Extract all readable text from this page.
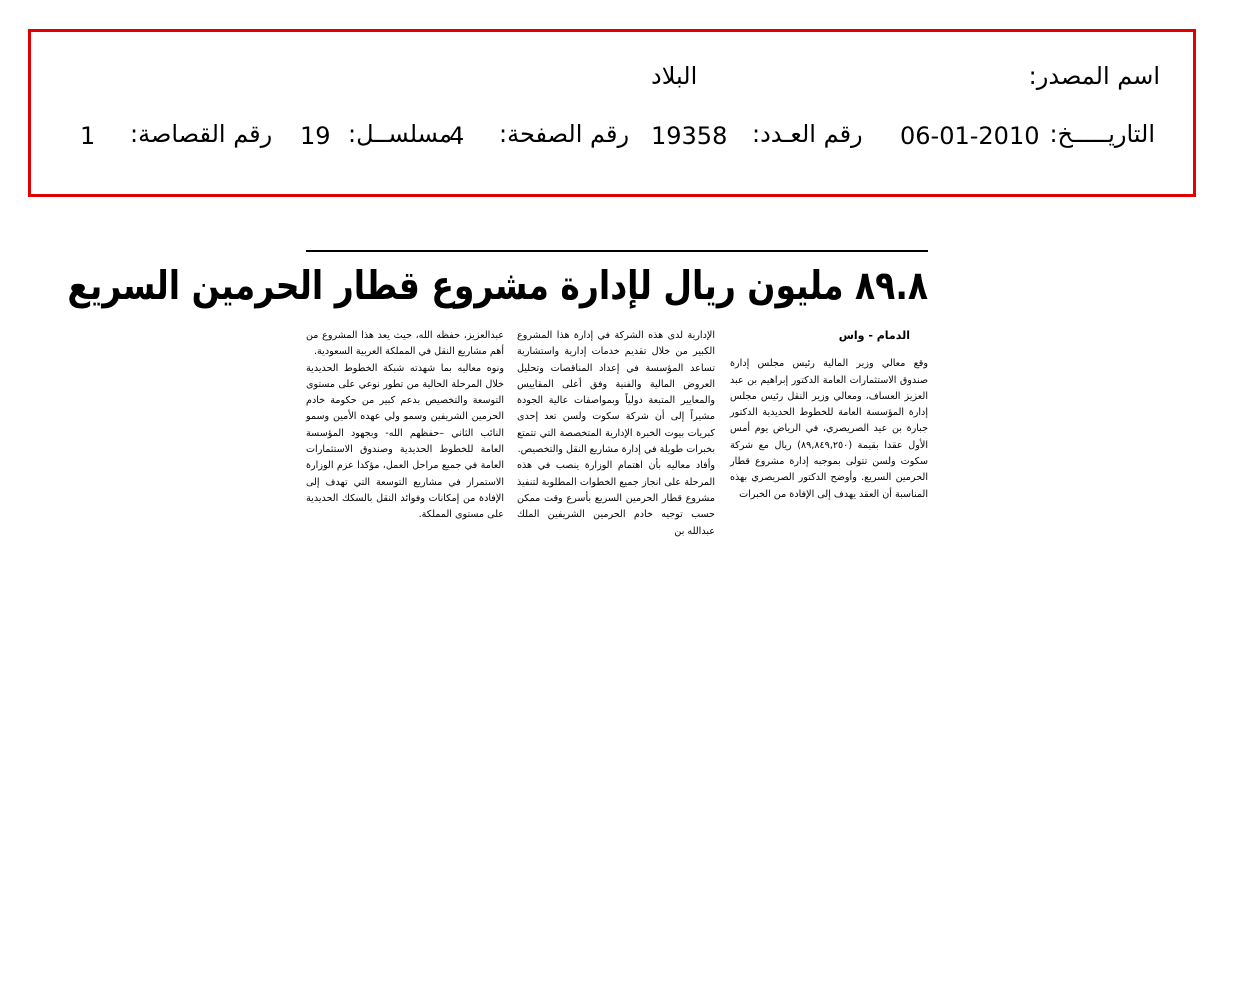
اسم المصدر:
البلاد
التاريـــــخ:
06-01-2010
رقم العـدد:
19358
رقم الصفحة:
4
مسلســل:
19
رقم القصاصة:
1
٨٩.٨ مليون ريال لإدارة مشروع قطار الحرمين السريع

الدمام - واس

وقع معالي وزير المالية رئيس مجلس إدارة صندوق الاستثمارات العامة الدكتور إبراهيم بن عبد العزيز العساف، ومعالي وزير النقل رئيس مجلس إدارة المؤسسة العامة للخطوط الحديدية الدكتور جبارة بن عيد الصريصري، في الرياض يوم أمس الأول عقدا بقيمة (٨٩,٨٤٩,٢٥٠) ريال مع شركة سكوت ولسن تتولى بموجبه إدارة مشروع قطار الحرمين السريع. وأوضح الدكتور الصريصري بهذه المناسبة أن العقد يهدف إلى الإفادة من الخبرات

الإدارية لدى هذه الشركة في إدارة هذا المشروع الكبير من خلال تقديم خدمات إدارية واستشارية تساعد المؤسسة في إعداد المناقصات وتحليل العروض المالية والفنية وفق أعلى المقاييس والمعايير المتبعة دولياً وبمواصفات عالية الجودة مشيراً إلى أن شركة سكوت ولسن تعد إحدى كبريات بيوت الخبرة الإدارية المتخصصة التي تتمتع بخبرات طويلة في إدارة مشاريع النقل والتخصيص.

وأفاد معاليه بأن اهتمام الوزارة ينصب في هذه المرحلة على انجاز جميع الخطوات المطلوبة لتنفيذ مشروع قطار الحرمين السريع بأسرع وقت ممكن حسب توجيه خادم الحرمين الشريفين الملك عبدالله بن

عبدالعزيز، حفظه الله، حيث يعد هذا المشروع من أهم مشاريع النقل في المملكة العربية السعودية.

ونوه معاليه بما شهدته شبكة الخطوط الحديدية خلال المرحلة الحالية من تطور نوعي على مستوى التوسعة والتخصيص بدعم كبير من حكومة خادم الحرمين الشريفين وسمو ولي عهده الأمين وسمو النائب الثاني –حفظهم الله- وبجهود المؤسسة العامة للخطوط الحديدية وصندوق الاستثمارات العامة في جميع مراحل العمل، مؤكدا عزم الوزارة الاستمرار في مشاريع التوسعة التي تهدف إلى الإفادة من إمكانات وفوائد النقل بالسكك الحديدية على مستوى المملكة.
